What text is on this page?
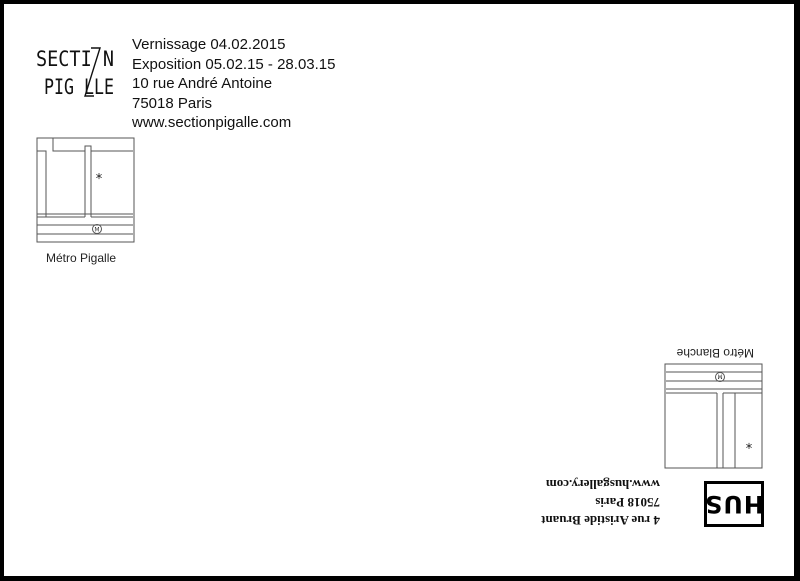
SECTI N
PIG LLE
Vernissage 04.02.2015
Exposition 05.02.15 - 28.03.15
10 rue André Antoine
75018 Paris
www.sectionpigalle.com
M
*
Métro Pigalle
HUS
4 rue Aristide Bruant
75018 Paris
www.husgallery.com
M
*
Métro Blanche
